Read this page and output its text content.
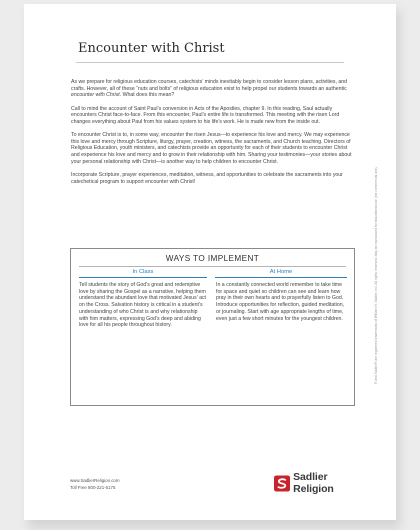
Encounter with Christ

As we prepare for religious education courses, catechists’ minds inevitably begin to consider lesson plans, activities, and crafts. However, all of these “nuts and bolts” of religious education exist to help propel our students towards an authentic encounter with Christ. What does this mean?

Call to mind the account of Saint Paul’s conversion in Acts of the Apostles, chapter 9. In this reading, Saul actually encounters Christ face-to-face. From this encounter, Paul’s entire life is transformed. This meeting with the risen Lord changes everything about Paul from his values system to his life’s work. He is made new from the inside out.

To encounter Christ is to, in some way, encounter the risen Jesus—to experience his love and mercy. We may experience this love and mercy through Scripture, liturgy, prayer, creation, witness, the sacraments, and Church teaching. Directors of Religious Education, youth ministers, and catechists provide an opportunity for each of their students to encounter Christ and experience his love and mercy and to grow in their relationship with him. Sharing your testimonies—your stories about your personal relationship with Christ—is another way to help children to encounter Christ.

Incorporate Scripture, prayer experiences, meditation, witness, and opportunities to celebrate the sacraments into your catechetical program to support encounter with Christ!

WAYS TO IMPLEMENT
In Class
Tell students the story of God’s great and redemptive love by sharing the Gospel as a narrative, helping them understand the abundant love that motivated Jesus’ act on the Cross. Salvation history is critical in a student’s understanding of who Christ is and why relationship with him matters, expressing God’s deep and abiding love for all his people throughout history.
At Home
In a constantly connected world remember to take time for space and quiet so children can see and learn how pray in their own hearts and to prayerfully listen to God. Introduce opportunities for reflection, guided meditation, or journaling. Start with age appropriate lengths of time, even just a few short minutes for the youngest children.	® and Sadlier® are registered trademarks of William H. Sadlier, Inc. All rights reserved. May be reproduced for educational use (not commercial use).
www.SadlierReligion.com
Toll Free 800-221-5175
Sadlier Religion
